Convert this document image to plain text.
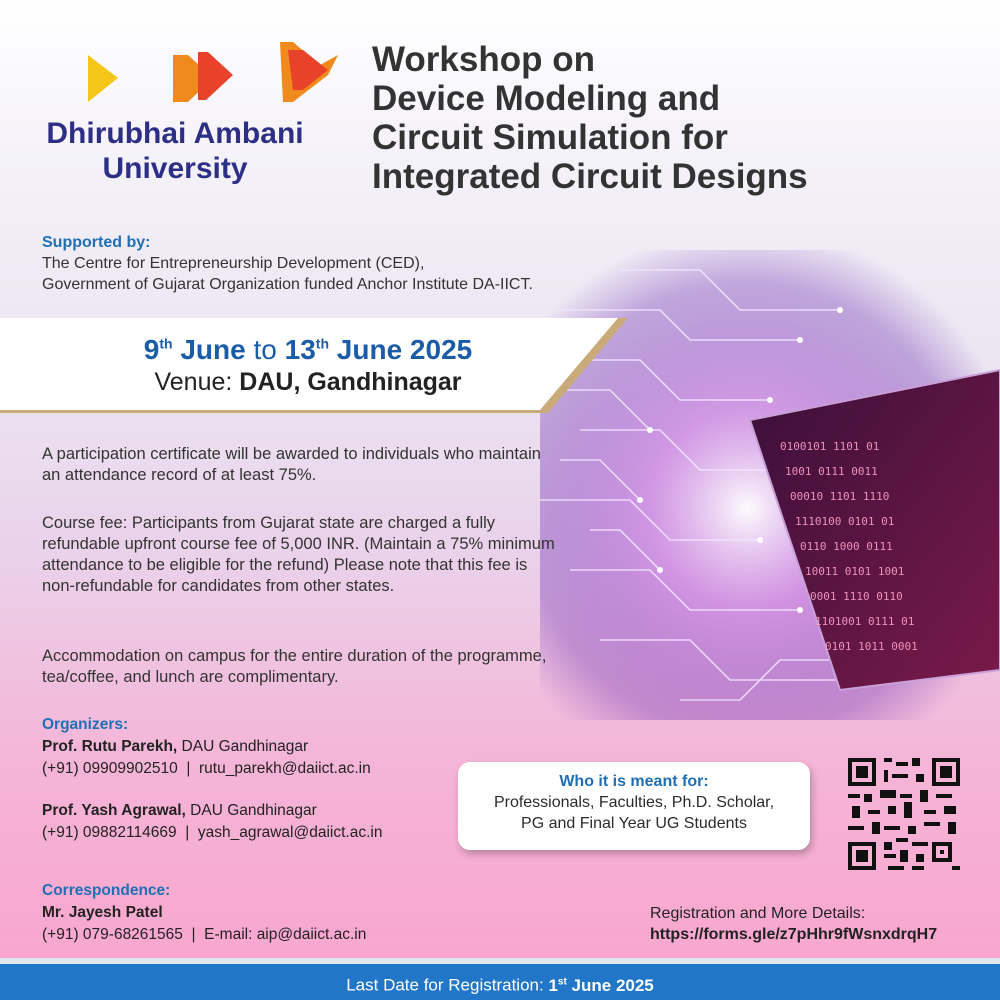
0100101 1101 01
1001 0111 0011
00010 1101 1110
1110100 0101 01
0110 1000 0111
10011 0101 1001
0001 1110 0110
1101001 0111 01
0101 1011 0001
Dhirubhai Ambani
University
Workshop on
Device Modeling and
Circuit Simulation for
Integrated Circuit Designs
Supported by:
The Centre for Entrepreneurship Development (CED),
Government of Gujarat Organization funded Anchor Institute DA-IICT.
9th June to 13th June 2025
Venue: DAU, Gandhinagar
A participation certificate will be awarded to individuals who maintain an attendance record of at least 75%.
Course fee: Participants from Gujarat state are charged a fully refundable upfront course fee of 5,000 INR. (Maintain a 75% minimum attendance to be eligible for the refund) Please note that this fee is non-refundable for candidates from other states.
Accommodation on campus for the entire duration of the programme, tea/coffee, and lunch are complimentary.
Organizers:
Prof. Rutu Parekh, DAU Gandhinagar
(+91) 09909902510  |  rutu_parekh@daiict.ac.in
Prof. Yash Agrawal, DAU Gandhinagar
(+91) 09882114669  |  yash_agrawal@daiict.ac.in
Correspondence:
Mr. Jayesh Patel
(+91) 079-68261565  |  E-mail: aip@daiict.ac.in
Who it is meant for:
Professionals, Faculties, Ph.D. Scholar,
PG and Final Year UG Students
Registration and More Details:
https://forms.gle/z7pHhr9fWsnxdrqH7
Last Date for Registration: 1st June 2025
